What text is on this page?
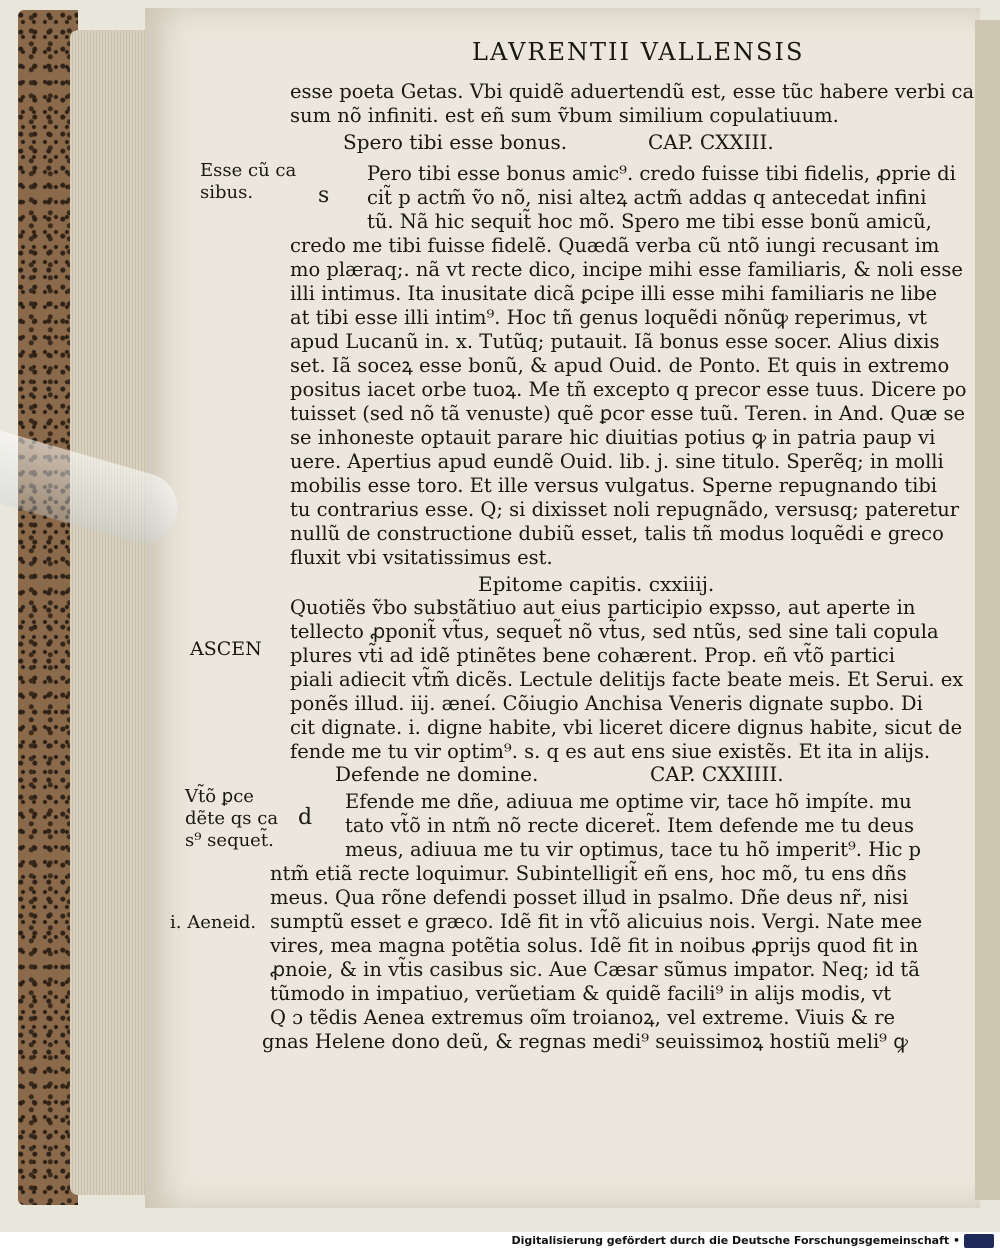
LAVRENTII VALLENSIS
esse poeta Getas. Vbi quidẽ aduertendũ est, esse tũc habere verbi ca
sum nõ infiniti. est eñ sum ṽbum similium copulatiuum.
Spero tibi esse bonus.	CAP. CXXIII.
Esse cũ ca
sibus.	s
Pero tibi esse bonus amic⁹. credo fuisse tibi fidelis, ꝓprie di
cit̃ p actm̃ ṽo nõ, nisi alteꝝ actm̃ addas q antecedat infini
tũ. Nã hic sequit̃ hoc mõ. Spero me tibi esse bonũ amicũ,
credo me tibi fuisse fidelẽ. Quædã verba cũ ntõ iungi recusant im
mo plæraq;. nã vt recte dico, incipe mihi esse familiaris, & noli esse
illi intimus. Ita inusitate dicã ꝑcipe illi esse mihi familiaris ne libe
at tibi esse illi intim⁹. Hoc tñ genus loquẽdi nõnũꝙ reperimus, vt
apud Lucanũ in. x. Tutũq; putauit. Iã bonus esse socer. Alius dixis
set. Iã soceꝝ esse bonũ, & apud Ouid. de Ponto. Et quis in extremo
positus iacet orbe tuoꝝ. Me tñ excepto q precor esse tuus. Dicere po
tuisset (sed nõ tã venuste) quẽ ꝑcor esse tuũ. Teren. in And. Quæ se
se inhoneste optauit parare hic diuitias potius ꝙ in patria paup vi
uere. Apertius apud eundẽ Ouid. lib. j. sine titulo. Sperẽq; in molli
mobilis esse toro. Et ille versus vulgatus. Sperne repugnando tibi
tu contrarius esse. Q; si dixisset noli repugnãdo, versusq; pateretur
nullũ de constructione dubiũ esset, talis tñ modus loquẽdi e greco
fluxit vbi vsitatissimus est.
Epitome capitis. cxxiiij.
Quotiẽs ṽbo substãtiuo aut eius participio expsso, aut aperte in
tellecto ꝓponit̃ vt̃us, sequet̃ nõ vt̃us, sed ntũs, sed sine tali copula
ASCEN plures vt̃i ad idẽ ptinẽtes bene cohærent. Prop. eñ vt̃õ partici
piali adiecit vt̃m̃ dicẽs. Lectule delitijs facte beate meis. Et Serui. ex
ponẽs illud. iij. æneí. Cõiugio Anchisa Veneris dignate supbo. Di
cit dignate. i. digne habite, vbi liceret dicere dignus habite, sicut de
fende me tu vir optim⁹. s. q es aut ens siue existẽs. Et ita in alijs.
Defende ne domine.	CAP. CXXIIII.
Vt̃õ ꝑce
dẽte qs ca
s⁹ sequet̃.
d
Efende me dñe, adiuua me optime vir, tace hõ impíte. mu
tato vt̃õ in ntm̃ nõ recte diceret̃. Item defende me tu deus
meus, adiuua me tu vir optimus, tace tu hõ imperit⁹. Hic p
ntm̃ etiã recte loquimur. Subintelligit̃ eñ ens, hoc mõ, tu ens dñs
meus. Qua rõne defendi posset illud in psalmo. Dñe deus nr̃, nisi
i. Aeneid. sumptũ esset e græco. Idẽ fit in vt̃õ alicuius nois. Vergi. Nate mee
vires, mea magna potẽtia solus. Idẽ fit in noibus ꝓprijs quod fit in
ꝓnoie, & in vt̃is casibus sic. Aue Cæsar sũmus impator. Neq; id tã
tũmodo in impatiuo, verũetiam & quidẽ facili⁹ in alijs modis, vt
Q ɔ tẽdis Aenea extremus oĩm troianoꝝ, vel extreme. Viuis & re
gnas Helene dono deũ, & regnas medi⁹ seuissimoꝝ hostiũ meli⁹ ꝙ
Digitalisierung gefördert durch die Deutsche Forschungsgemeinschaft •
